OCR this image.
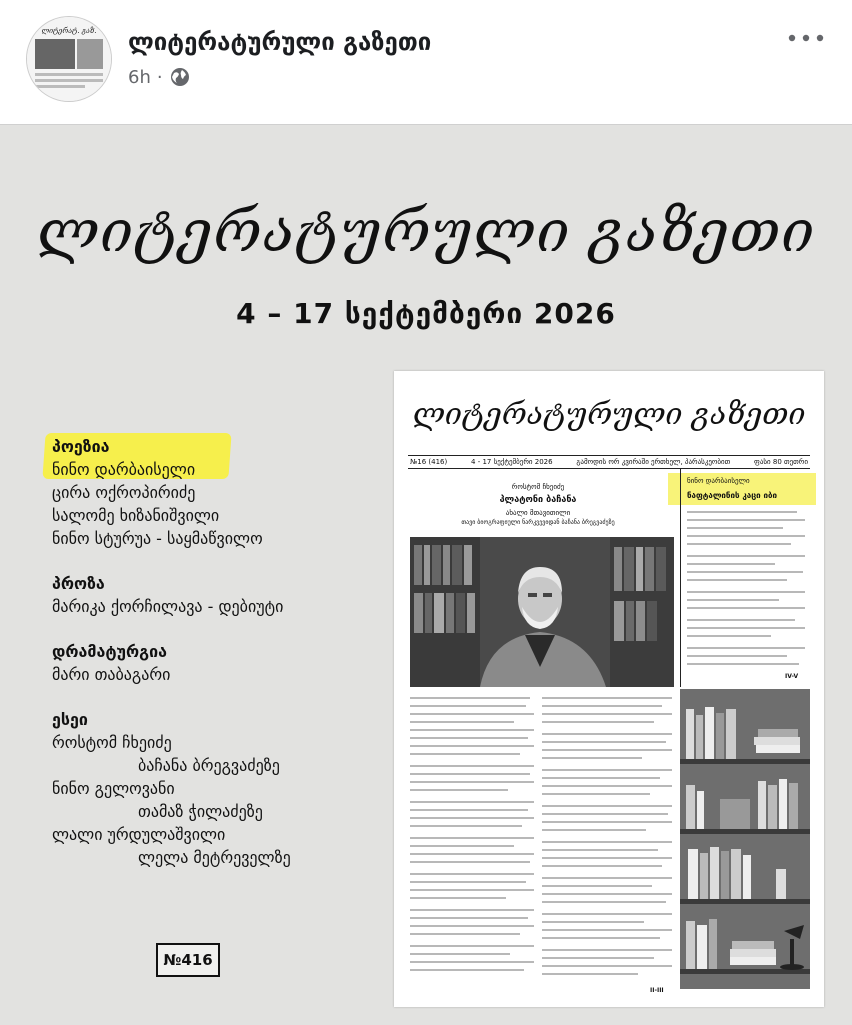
ლიტერატ. გაზ. ლიტერატურული გაზეთი
6h ·
ლიტერატურული გაზეთი
4 – 17 სექტემბერი 2026
პოეზია
ნინო დარბაისელი
ცირა ოქროპირიძე
სალომე ხიზანიშვილი
ნინო სტურუა - საყმაწვილო
პროზა
მარიკა ქორჩილავა - დებიუტი
დრამატურგია
მარი თაბაგარი
ესეი
როსტომ ჩხეიძე
ბაჩანა ბრეგვაძეზე
ნინო გელოვანი
თამაზ ჭილაძეზე
ლალი ურდულაშვილი
ლელა მეტრეველზე
№416
ლიტერატურული გაზეთი
№16 (416)	4 - 17 სექტემბერი 2026	გამოდის ორ კვირაში ერთხელ, პარასკეობით	ფასი 80 თეთრი
როსტომ ჩხეიძე
პლატონი ბაჩანა
ახალი მთავითილი
თავი ბიოგრაფიული ნარკვევიდან ბაჩანა ბრეგვაძეზე
ნინო დარბაისელი
ნაფტალინის კაცი იბი
IV-V
II-III
